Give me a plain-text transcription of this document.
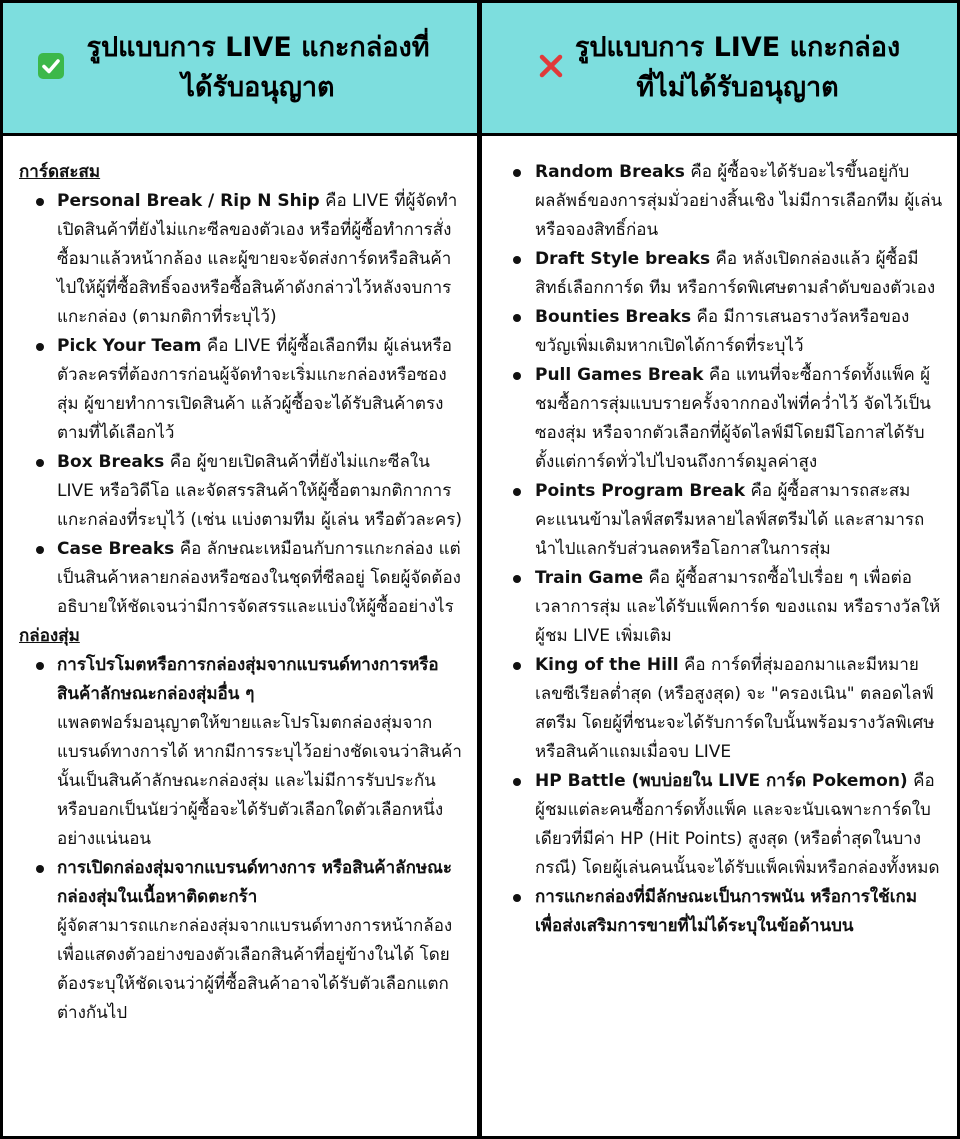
รูปแบบการ LIVE แกะกล่องที่ได้รับอนุญาต
รูปแบบการ LIVE แกะกล่องที่ไม่ได้รับอนุญาต
การ์ดสะสม
Personal Break / Rip N Ship คือ LIVE ที่ผู้จัดทำเปิดสินค้าที่ยังไม่แกะซีลของตัวเอง หรือที่ผู้ซื้อทำการสั่งซื้อมาแล้วหน้ากล้อง และผู้ขายจะจัดส่งการ์ดหรือสินค้าไปให้ผู้ที่ซื้อสิทธิ์จองหรือซื้อสินค้าดังกล่าวไว้หลังจบการแกะกล่อง (ตามกติกาที่ระบุไว้)
Pick Your Team คือ LIVE ที่ผู้ซื้อเลือกทีม ผู้เล่นหรือตัวละครที่ต้องการก่อนผู้จัดทำจะเริ่มแกะกล่องหรือซองสุ่ม ผู้ขายทำการเปิดสินค้า แล้วผู้ซื้อจะได้รับสินค้าตรงตามที่ได้เลือกไว้
Box Breaks คือ ผู้ขายเปิดสินค้าที่ยังไม่แกะซีลใน LIVE หรือวิดีโอ และจัดสรรสินค้าให้ผู้ซื้อตามกติกาการแกะกล่องที่ระบุไว้ (เช่น แบ่งตามทีม ผู้เล่น หรือตัวละคร)
Case Breaks คือ ลักษณะเหมือนกับการแกะกล่อง แต่เป็นสินค้าหลายกล่องหรือซองในชุดที่ซีลอยู่ โดยผู้จัดต้องอธิบายให้ชัดเจนว่ามีการจัดสรรและแบ่งให้ผู้ซื้ออย่างไร
กล่องสุ่ม
การโปรโมตหรือการกล่องสุ่มจากแบรนด์ทางการหรือสินค้าลักษณะกล่องสุ่มอื่น ๆ
แพลตฟอร์มอนุญาตให้ขายและโปรโมตกล่องสุ่มจากแบรนด์ทางการได้ หากมีการระบุไว้อย่างชัดเจนว่าสินค้านั้นเป็นสินค้าลักษณะกล่องสุ่ม และไม่มีการรับประกันหรือบอกเป็นนัยว่าผู้ซื้อจะได้รับตัวเลือกใดตัวเลือกหนึ่งอย่างแน่นอน
การเปิดกล่องสุ่มจากแบรนด์ทางการ หรือสินค้าลักษณะกล่องสุ่มในเนื้อหาติดตะกร้า
ผู้จัดสามารถแกะกล่องสุ่มจากแบรนด์ทางการหน้ากล้อง เพื่อแสดงตัวอย่างของตัวเลือกสินค้าที่อยู่ข้างในได้ โดยต้องระบุให้ชัดเจนว่าผู้ที่ซื้อสินค้าอาจได้รับตัวเลือกแตกต่างกันไป
Random Breaks คือ ผู้ซื้อจะได้รับอะไรขึ้นอยู่กับผลลัพธ์ของการสุ่มมั่วอย่างสิ้นเชิง ไม่มีการเลือกทีม ผู้เล่น หรือจองสิทธิ์ก่อน
Draft Style breaks คือ หลังเปิดกล่องแล้ว ผู้ซื้อมีสิทธ์เลือกการ์ด ทีม หรือการ์ดพิเศษตามลำดับของตัวเอง
Bounties Breaks คือ มีการเสนอรางวัลหรือของขวัญเพิ่มเติมหากเปิดได้การ์ดที่ระบุไว้
Pull Games Break คือ แทนที่จะซื้อการ์ดทั้งแพ็ค ผู้ชมซื้อการสุ่มแบบรายครั้งจากกองไพ่ที่คว่ำไว้ จัดไว้เป็นซองสุ่ม หรือจากตัวเลือกที่ผู้จัดไลฟ์มีโดยมีโอกาสได้รับตั้งแต่การ์ดทั่วไปไปจนถึงการ์ดมูลค่าสูง
Points Program Break คือ ผู้ซื้อสามารถสะสมคะแนนข้ามไลฟ์สตรีมหลายไลฟ์สตรีมได้ และสามารถนำไปแลกรับส่วนลดหรือโอกาสในการสุ่ม
Train Game คือ ผู้ซื้อสามารถซื้อไปเรื่อย ๆ เพื่อต่อเวลาการสุ่ม และได้รับแพ็คการ์ด ของแถม หรือรางวัลให้ผู้ชม LIVE เพิ่มเติม
King of the Hill คือ การ์ดที่สุ่มออกมาและมีหมายเลขซีเรียลต่ำสุด (หรือสูงสุด) จะ "ครองเนิน" ตลอดไลฟ์สตรีม โดยผู้ที่ชนะจะได้รับการ์ดใบนั้นพร้อมรางวัลพิเศษหรือสินค้าแถมเมื่อจบ LIVE
HP Battle (พบบ่อยใน LIVE การ์ด Pokemon) คือ ผู้ชมแต่ละคนซื้อการ์ดทั้งแพ็ค และจะนับเฉพาะการ์ดใบเดียวที่มีค่า HP (Hit Points) สูงสุด (หรือต่ำสุดในบางกรณี) โดยผู้เล่นคนนั้นจะได้รับแพ็คเพิ่มหรือกล่องทั้งหมด
การแกะกล่องที่มีลักษณะเป็นการพนัน หรือการใช้เกมเพื่อส่งเสริมการขายที่ไม่ได้ระบุในข้อด้านบน
